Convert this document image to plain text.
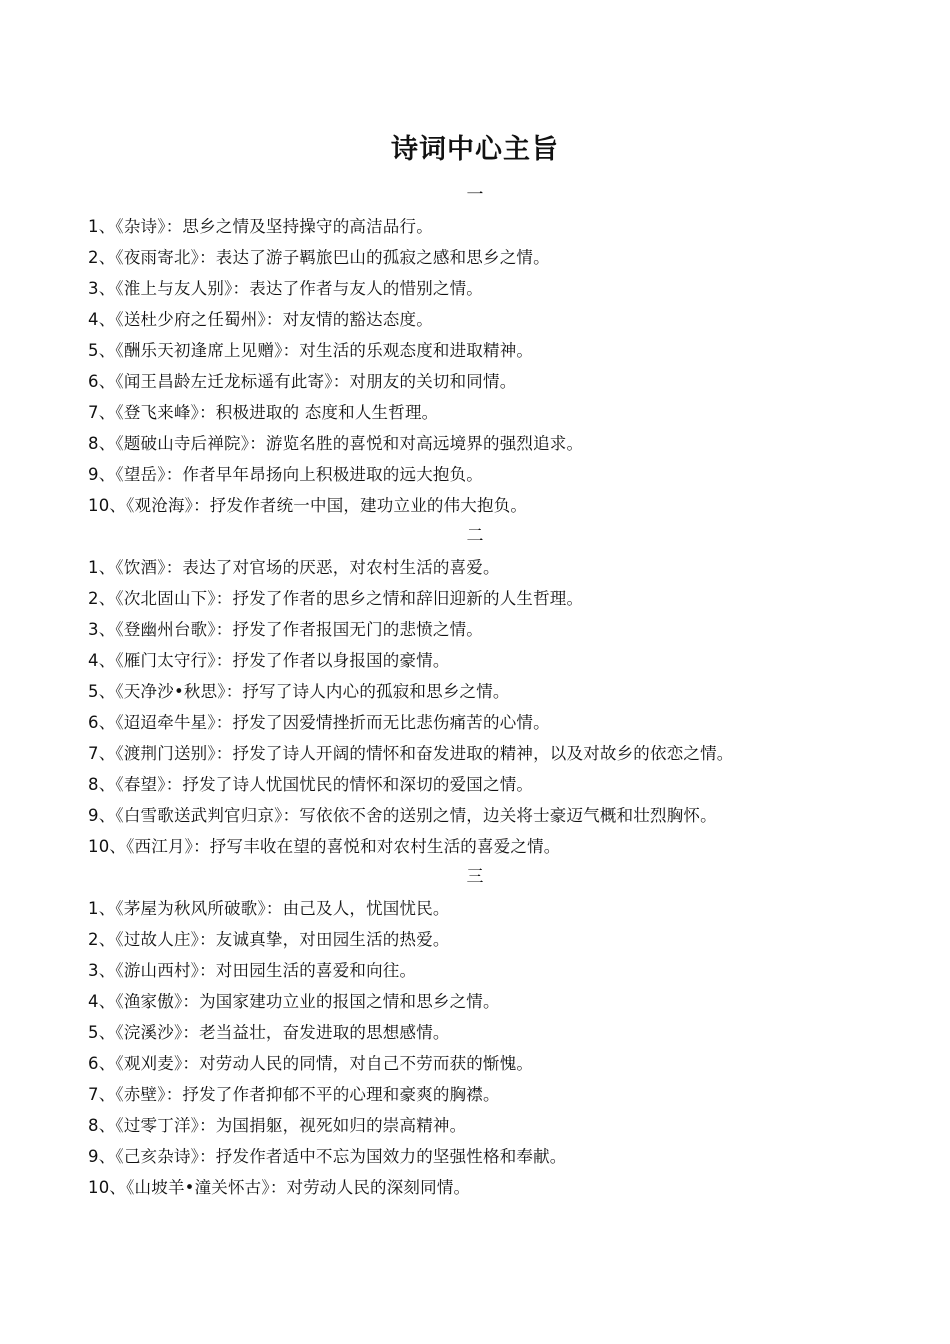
诗词中心主旨
一
1、《杂诗》：思乡之情及坚持操守的高洁品行。
2、《夜雨寄北》：表达了游子羁旅巴山的孤寂之感和思乡之情。
3、《淮上与友人别》：表达了作者与友人的惜别之情。
4、《送杜少府之任蜀州》：对友情的豁达态度。
5、《酬乐天初逢席上见赠》：对生活的乐观态度和进取精神。
6、《闻王昌龄左迁龙标遥有此寄》：对朋友的关切和同情。
7、《登飞来峰》：积极进取的 态度和人生哲理。
8、《题破山寺后禅院》：游览名胜的喜悦和对高远境界的强烈追求。
9、《望岳》：作者早年昂扬向上积极进取的远大抱负。
10、《观沧海》：抒发作者统一中国，建功立业的伟大抱负。
二
1、《饮酒》：表达了对官场的厌恶，对农村生活的喜爱。
2、《次北固山下》：抒发了作者的思乡之情和辞旧迎新的人生哲理。
3、《登幽州台歌》：抒发了作者报国无门的悲愤之情。
4、《雁门太守行》：抒发了作者以身报国的豪情。
5、《天净沙•秋思》：抒写了诗人内心的孤寂和思乡之情。
6、《迢迢牵牛星》：抒发了因爱情挫折而无比悲伤痛苦的心情。
7、《渡荆门送别》：抒发了诗人开阔的情怀和奋发进取的精神，以及对故乡的依恋之情。
8、《春望》：抒发了诗人忧国忧民的情怀和深切的爱国之情。
9、《白雪歌送武判官归京》：写依依不舍的送别之情，边关将士豪迈气概和壮烈胸怀。
10、《西江月》：抒写丰收在望的喜悦和对农村生活的喜爱之情。
三
1、《茅屋为秋风所破歌》：由己及人，忧国忧民。
2、《过故人庄》：友诚真挚，对田园生活的热爱。
3、《游山西村》：对田园生活的喜爱和向往。
4、《渔家傲》：为国家建功立业的报国之情和思乡之情。
5、《浣溪沙》：老当益壮，奋发进取的思想感情。
6、《观刈麦》：对劳动人民的同情，对自己不劳而获的惭愧。
7、《赤壁》：抒发了作者抑郁不平的心理和豪爽的胸襟。
8、《过零丁洋》：为国捐躯，视死如归的崇高精神。
9、《己亥杂诗》：抒发作者适中不忘为国效力的坚强性格和奉献。
10、《山坡羊•潼关怀古》：对劳动人民的深刻同情。
